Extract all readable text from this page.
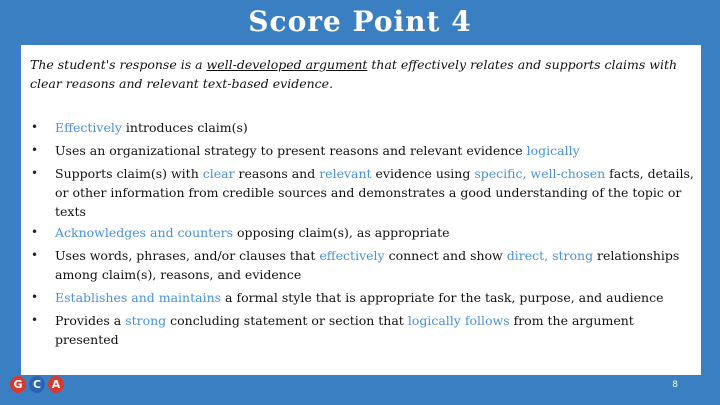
Score Point 4
The student's response is a well-developed argument that effectively relates and supports claims with clear reasons and relevant text-based evidence.
• Effectively introduces claim(s)
• Uses an organizational strategy to present reasons and relevant evidence logically
• Supports claim(s) with clear reasons and relevant evidence using specific, well-chosen facts, details, or other information from credible sources and demonstrates a good understanding of the topic or texts
• Acknowledges and counters opposing claim(s), as appropriate
• Uses words, phrases, and/or clauses that effectively connect and show direct, strong relationships among claim(s), reasons, and evidence
• Establishes and maintains a formal style that is appropriate for the task, purpose, and audience
• Provides a strong concluding statement or section that logically follows from the argument presented
G C A	8
